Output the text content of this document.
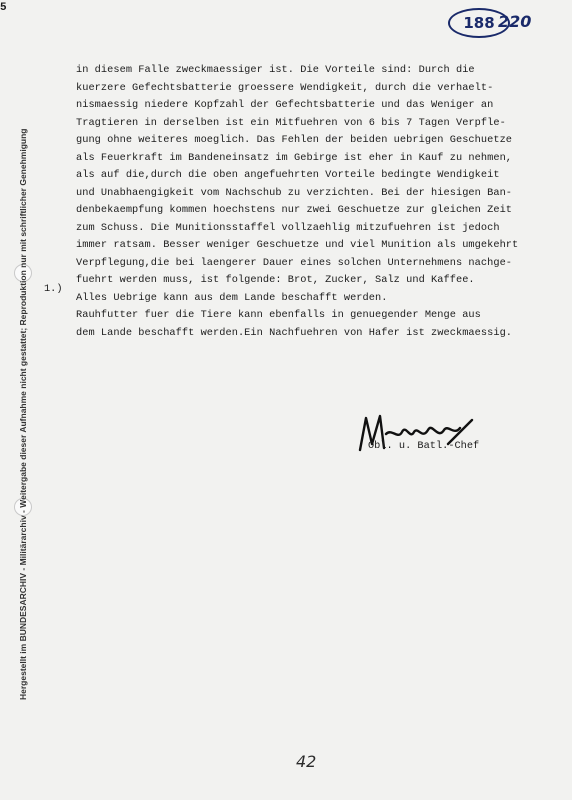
5
188 220
Hergestellt im BUNDESARCHIV - Militärarchiv - Weitergabe dieser Aufnahme nicht gestattet; Reproduktion nur mit schriftlicher Genehmigung
in diesem Falle zweckmaessiger ist. Die Vorteile sind: Durch die
kuerzere Gefechtsbatterie groessere Wendigkeit, durch die verhaelt-
nismaessig niedere Kopfzahl der Gefechtsbatterie und das Weniger an
Tragtieren in derselben ist ein Mitfuehren von 6 bis 7 Tagen Verpfle-
gung ohne weiteres moeglich. Das Fehlen der beiden uebrigen Geschuetze
als Feuerkraft im Bandeneinsatz im Gebirge ist eher in Kauf zu nehmen,
als auf die,durch die oben angefuehrten Vorteile bedingte Wendigkeit
und Unabhaengigkeit vom Nachschub zu verzichten. Bei der hiesigen Ban-
denbekaempfung kommen hoechstens nur zwei Geschuetze zur gleichen Zeit
zum Schuss. Die Munitionsstaffel vollzaehlig mitzufuehren ist jedoch
immer ratsam. Besser weniger Geschuetze und viel Munition als umgekehrt
Verpflegung,die bei laengerer Dauer eines solchen Unternehmens nachge-
fuehrt werden muss, ist folgende: Brot, Zucker, Salz und Kaffee.
Alles Uebrige kann aus dem Lande beschafft werden.
Rauhfutter fuer die Tiere kann ebenfalls in genuegender Menge aus
dem Lande beschafft werden.Ein Nachfuehren von Hafer ist zweckmaessig.
1.)
Obl. u. Batl.-Chef
42
